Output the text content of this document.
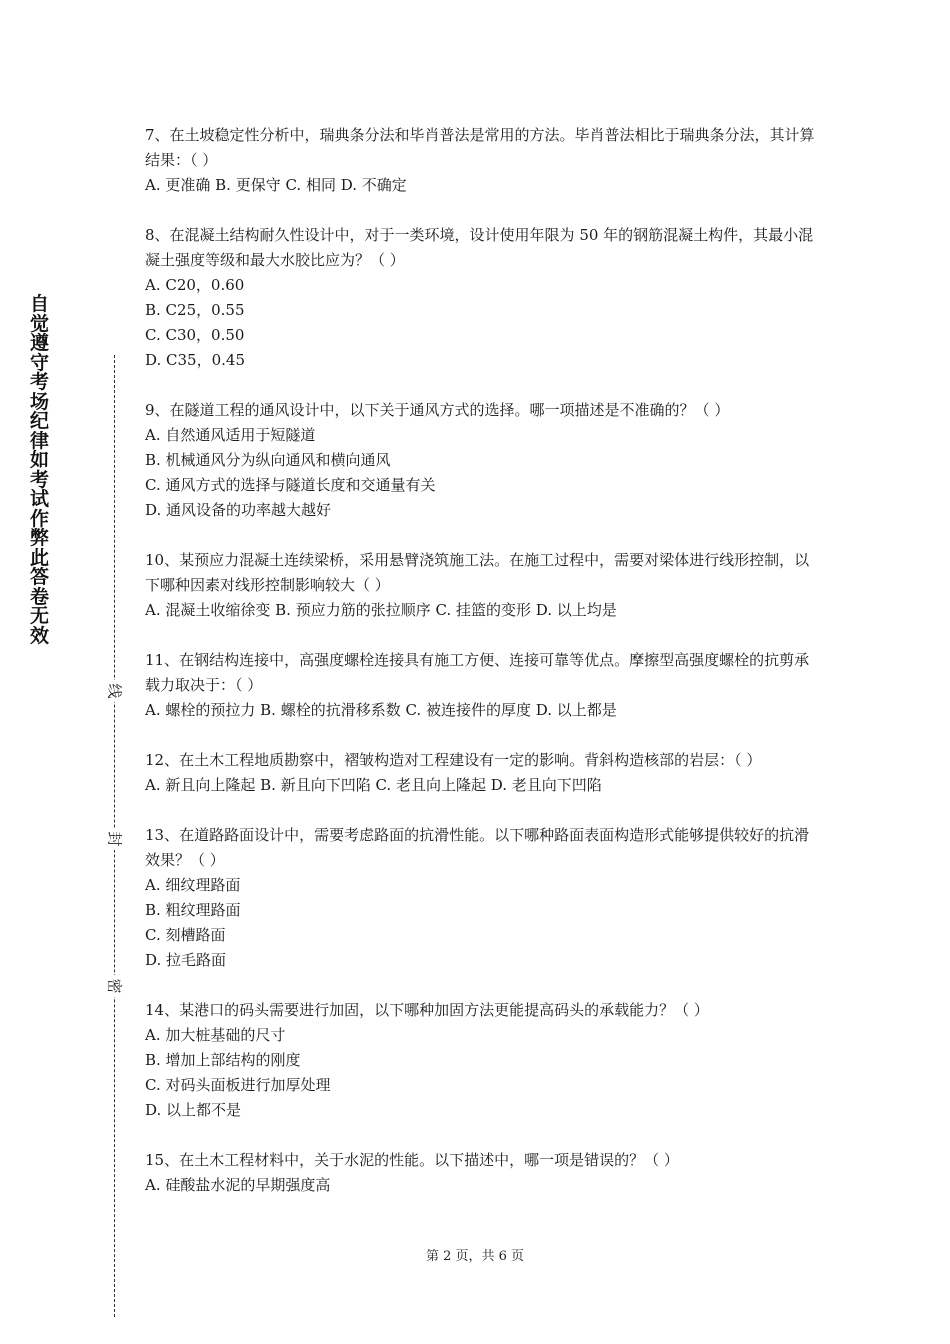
自觉遵守考场纪律如考试作弊此答卷无效
线
封
密

7、在土坡稳定性分析中，瑞典条分法和毕肖普法是常用的方法。毕肖普法相比于瑞典条分法，其计算结果：（ ）

A. 更准确 B. 更保守 C. 相同 D. 不确定

8、在混凝土结构耐久性设计中，对于一类环境，设计使用年限为 50 年的钢筋混凝土构件，其最小混凝土强度等级和最大水胶比应为？（ ）

A. C20，0.60

B. C25，0.55

C. C30，0.50

D. C35，0.45

9、在隧道工程的通风设计中，以下关于通风方式的选择。哪一项描述是不准确的？（ ）

A. 自然通风适用于短隧道

B. 机械通风分为纵向通风和横向通风

C. 通风方式的选择与隧道长度和交通量有关

D. 通风设备的功率越大越好

10、某预应力混凝土连续梁桥，采用悬臂浇筑施工法。在施工过程中，需要对梁体进行线形控制，以下哪种因素对线形控制影响较大（ ）

A. 混凝土收缩徐变 B. 预应力筋的张拉顺序 C. 挂篮的变形 D. 以上均是

11、在钢结构连接中，高强度螺栓连接具有施工方便、连接可靠等优点。摩擦型高强度螺栓的抗剪承载力取决于：（ ）

A. 螺栓的预拉力 B. 螺栓的抗滑移系数 C. 被连接件的厚度 D. 以上都是

12、在土木工程地质勘察中，褶皱构造对工程建设有一定的影响。背斜构造核部的岩层：（ ）

A. 新且向上隆起 B. 新且向下凹陷 C. 老且向上隆起 D. 老且向下凹陷

13、在道路路面设计中，需要考虑路面的抗滑性能。以下哪种路面表面构造形式能够提供较好的抗滑效果？（ ）

A. 细纹理路面

B. 粗纹理路面

C. 刻槽路面

D. 拉毛路面

14、某港口的码头需要进行加固，以下哪种加固方法更能提高码头的承载能力？（ ）

A. 加大桩基础的尺寸

B. 增加上部结构的刚度

C. 对码头面板进行加厚处理

D. 以上都不是

15、在土木工程材料中，关于水泥的性能。以下描述中，哪一项是错误的？（ ）

A. 硅酸盐水泥的早期强度高

第 2 页，共 6 页
